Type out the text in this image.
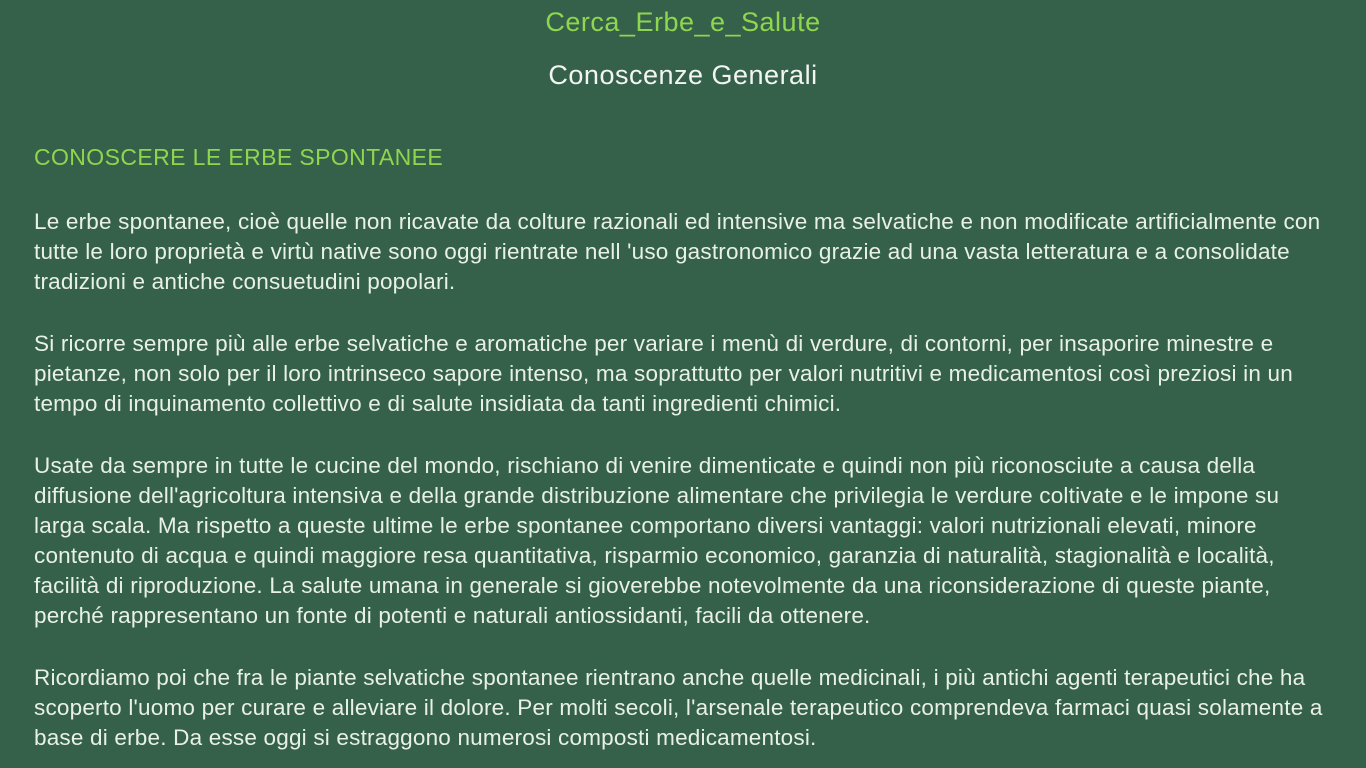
Cerca_Erbe_e_Salute
Conoscenze Generali
CONOSCERE LE ERBE SPONTANEE

Le erbe spontanee, cioè quelle non ricavate da colture razionali ed intensive ma selvatiche e non modificate artificialmente con tutte le loro proprietà e virtù native sono oggi rientrate nell 'uso gastronomico grazie ad una vasta letteratura e a consolidate tradizioni e antiche consuetudini popolari.

Si ricorre sempre più alle erbe selvatiche e aromatiche per variare i menù di verdure, di contorni, per insaporire minestre e pietanze, non solo per il loro intrinseco sapore intenso, ma soprattutto per valori nutritivi e medicamentosi così preziosi in un tempo di inquinamento collettivo e di salute insidiata da tanti ingredienti chimici.

Usate da sempre in tutte le cucine del mondo, rischiano di venire dimenticate e quindi non più riconosciute a causa della diffusione dell'agricoltura intensiva e della grande distribuzione alimentare che privilegia le verdure coltivate e le impone su larga scala. Ma rispetto a queste ultime le erbe spontanee comportano diversi vantaggi: valori nutrizionali elevati, minore contenuto di acqua e quindi maggiore resa quantitativa, risparmio economico, garanzia di naturalità, stagionalità e località, facilità di riproduzione. La salute umana in generale si gioverebbe notevolmente da una riconsiderazione di queste piante, perché rappresentano un fonte di potenti e naturali antiossidanti, facili da ottenere.

Ricordiamo poi che fra le piante selvatiche spontanee rientrano anche quelle medicinali, i più antichi agenti terapeutici che ha scoperto l'uomo per curare e alleviare il dolore. Per molti secoli, l'arsenale terapeutico comprendeva farmaci quasi solamente a base di erbe. Da esse oggi si estraggono numerosi composti medicamentosi.
